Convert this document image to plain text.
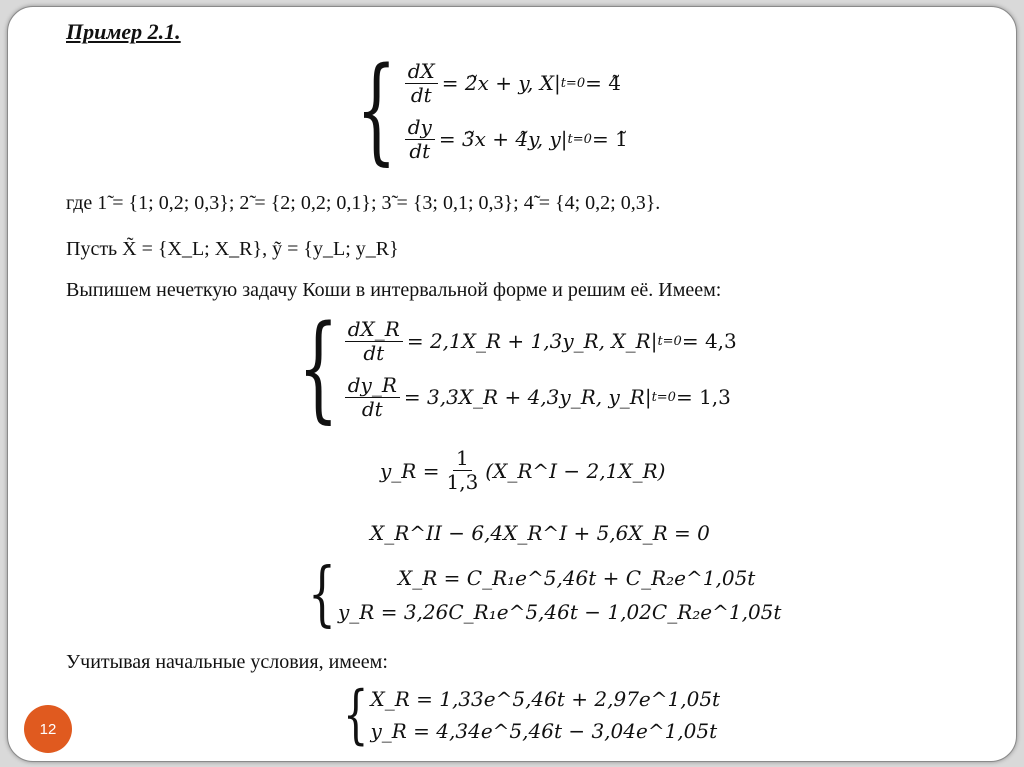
Пример 2.1.
{ $\frac{dX}{dt}$ = 2̃x + y, X| t=0 = 4̃
$\frac{dy}{dt}$ = 3̃x + 4̃y, y| t=0 = 1̃
где 1̃ = {1; 0,2; 0,3}; 2̃ = {2; 0,2; 0,1}; 3̃ = {3; 0,1; 0,3}; 4̃ = {4; 0,2; 0,3}.
Пусть X̃ = {X_L; X_R}, ỹ = {y_L; y_R}
Выпишем нечеткую задачу Коши в интервальной форме и решим её. Имеем:
{ $\frac{dX\_R}{dt}$ = 2,1X_R + 1,3y_R, X_R| t=0 = 4,3
$\frac{dy\_R}{dt}$ = 3,3X_R + 4,3y_R, y_R| t=0 = 1,3
y_R = $\frac{1}{1,3}$ (X_R^I − 2,1X_R)
X_R^II − 6,4X_R^I + 5,6X_R = 0
{	X_R = C_R₁e^5,46t + C_R₂e^1,05t
y_R = 3,26C_R₁e^5,46t − 1,02C_R₂e^1,05t
Учитывая начальные условия, имеем:
{ X_R = 1,33e^5,46t + 2,97e^1,05t
y_R = 4,34e^5,46t − 3,04e^1,05t
12
